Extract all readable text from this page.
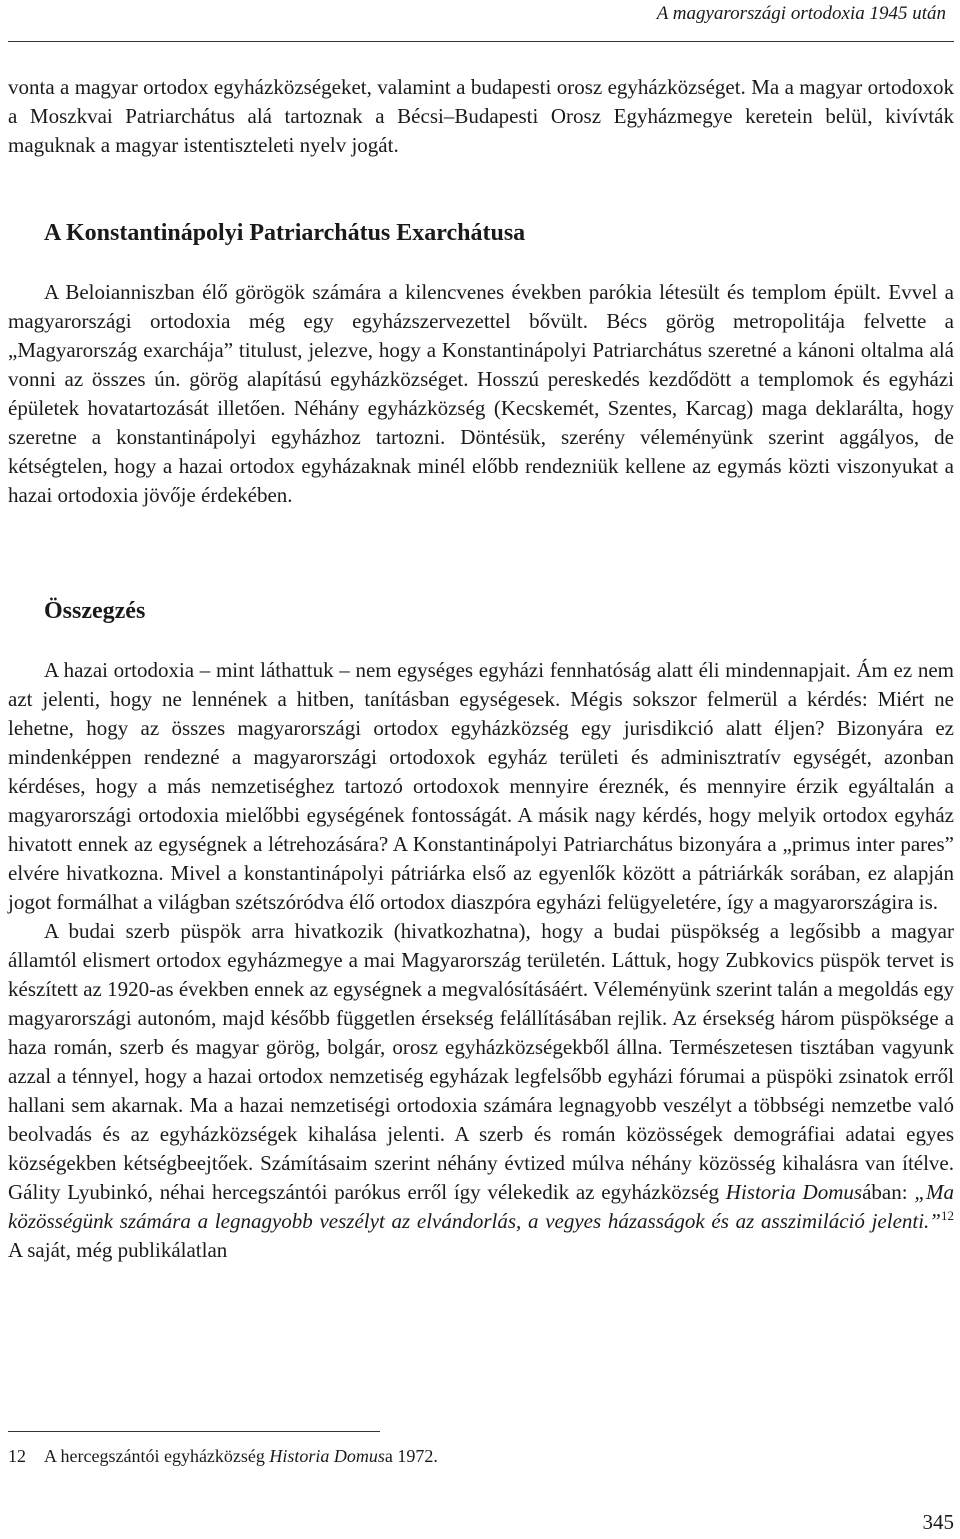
A magyarországi ortodoxia 1945 után

vonta a magyar ortodox egyházközségeket, valamint a budapesti orosz egyházközséget. Ma a magyar ortodoxok a Moszkvai Patriarchátus alá tartoznak a Bécsi–Budapesti Orosz Egyházmegye keretein belül, kivívták maguknak a magyar istentiszteleti nyelv jogát.

A Konstantinápolyi Patriarchátus Exarchátusa

A Beloianniszban élő görögök számára a kilencvenes években parókia létesült és templom épült. Evvel a magyarországi ortodoxia még egy egyházszervezettel bővült. Bécs görög metropolitája felvette a „Magyarország exarchája” titulust, jelezve, hogy a Konstantinápolyi Patriarchátus szeretné a kánoni oltalma alá vonni az összes ún. görög alapítású egyházközséget. Hosszú pereskedés kezdődött a templomok és egyházi épületek hovatartozását illetően. Néhány egyházközség (Kecskemét, Szentes, Karcag) maga deklarálta, hogy szeretne a konstantinápolyi egyházhoz tartozni. Döntésük, szerény véleményünk szerint aggályos, de kétségtelen, hogy a hazai ortodox egyházaknak minél előbb rendezniük kellene az egymás közti viszonyukat a hazai ortodoxia jövője érdekében.

Összegzés

A hazai ortodoxia – mint láthattuk – nem egységes egyházi fennhatóság alatt éli mindennapjait. Ám ez nem azt jelenti, hogy ne lennének a hitben, tanításban egységesek. Mégis sokszor felmerül a kérdés: Miért ne lehetne, hogy az összes magyarországi ortodox egyházközség egy jurisdikció alatt éljen? Bizonyára ez mindenképpen rendezné a magyarországi ortodoxok egyház területi és adminisztratív egységét, azonban kérdéses, hogy a más nemzetiséghez tartozó ortodoxok mennyire éreznék, és mennyire érzik egyáltalán a magyarországi ortodoxia mielőbbi egységének fontosságát. A másik nagy kérdés, hogy melyik ortodox egyház hivatott ennek az egységnek a létrehozására? A Konstantinápolyi Patriarchátus bizonyára a „primus inter pares” elvére hivatkozna. Mivel a konstantinápolyi pátriárka első az egyenlők között a pátriárkák sorában, ez alapján jogot formálhat a világban szétszóródva élő ortodox diaszpóra egyházi felügyeletére, így a magyarországira is.

A budai szerb püspök arra hivatkozik (hivatkozhatna), hogy a budai püspökség a legősibb a magyar államtól elismert ortodox egyházmegye a mai Magyarország területén. Láttuk, hogy Zubkovics püspök tervet is készített az 1920-as években ennek az egységnek a megvalósításáért. Véleményünk szerint talán a megoldás egy magyarországi autonóm, majd később független érsekség felállításában rejlik. Az érsekség három püspöksége a haza román, szerb és magyar görög, bolgár, orosz egyházközségekből állna. Természetesen tisztában vagyunk azzal a ténnyel, hogy a hazai ortodox nemzetiség egyházak legfelsőbb egyházi fórumai a püspöki zsinatok erről hallani sem akarnak. Ma a hazai nemzetiségi ortodoxia számára legnagyobb veszélyt a többségi nemzetbe való beolvadás és az egyházközségek kihalása jelenti. A szerb és román közösségek demográfiai adatai egyes községekben kétségbeejtőek. Számításaim szerint néhány évtized múlva néhány közösség kihalásra van ítélve. Gálity Lyubinkó, néhai hercegszántói parókus erről így vélekedik az egyházközség Historia Domusában: „Ma közösségünk számára a legnagyobb veszélyt az elvándorlás, a vegyes házasságok és az asszimiláció jelenti.”$^{12}$ A saját, még publikálatlan

12 A hercegszántói egyházközség Historia Domusa 1972.
345
